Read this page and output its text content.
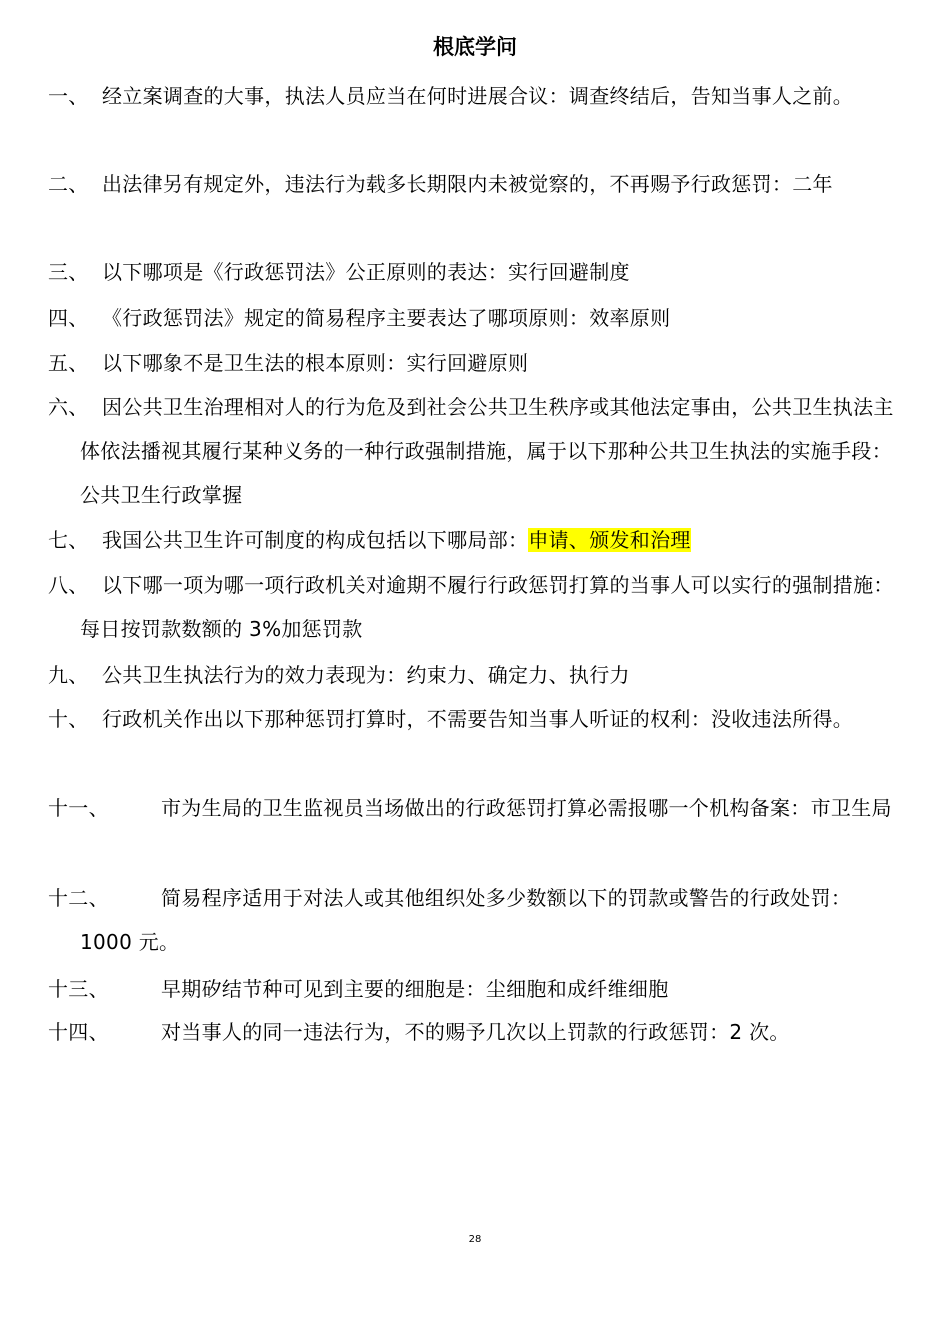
根底学问
一、 经立案调查的大事，执法人员应当在何时进展合议：调查终结后，告知当事人之前。
二、 出法律另有规定外，违法行为载多长期限内未被觉察的，不再赐予行政惩罚：二年
三、 以下哪项是《行政惩罚法》公正原则的表达：实行回避制度
四、 《行政惩罚法》规定的简易程序主要表达了哪项原则：效率原则
五、 以下哪象不是卫生法的根本原则：实行回避原则
六、 因公共卫生治理相对人的行为危及到社会公共卫生秩序或其他法定事由，公共卫生执法主体依法播视其履行某种义务的一种行政强制措施，属于以下那种公共卫生执法的实施手段：公共卫生行政掌握
七、 我国公共卫生许可制度的构成包括以下哪局部：申请、颁发和治理
八、 以下哪一项为哪一项行政机关对逾期不履行行政惩罚打算的当事人可以实行的强制措施：每日按罚款数额的 3%加惩罚款
九、 公共卫生执法行为的效力表现为：约束力、确定力、执行力
十、 行政机关作出以下那种惩罚打算时，不需要告知当事人听证的权利：没收违法所得。
十一、	市为生局的卫生监视员当场做出的行政惩罚打算必需报哪一个机构备案：市卫生局
十二、	简易程序适用于对法人或其他组织处多少数额以下的罚款或警告的行政处罚：1000 元。
十三、	早期矽结节种可见到主要的细胞是：尘细胞和成纤维细胞
十四、	对当事人的同一违法行为，不的赐予几次以上罚款的行政惩罚：2 次。
28
